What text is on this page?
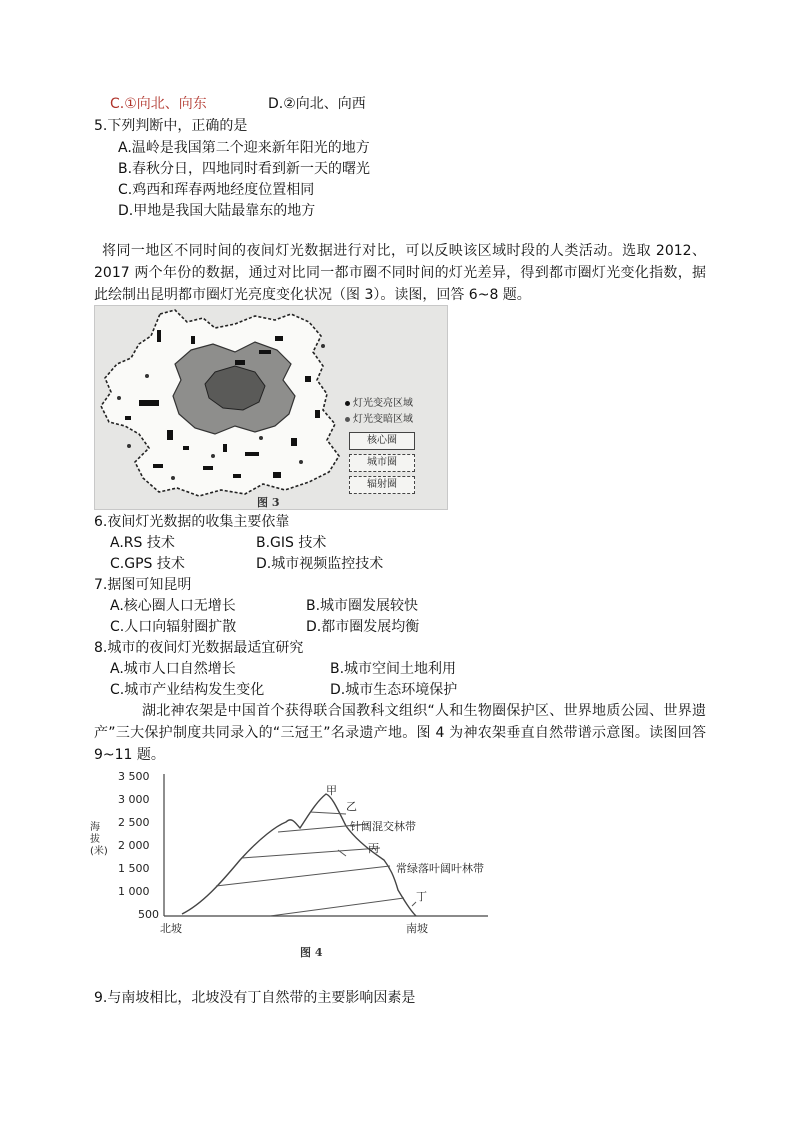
C.①向北、向东	D.②向北、向西
5.下列判断中，正确的是
A.温岭是我国第二个迎来新年阳光的地方
B.春秋分日，四地同时看到新一天的曙光
C.鸡西和珲春两地经度位置相同
D.甲地是我国大陆最靠东的地方
将同一地区不同时间的夜间灯光数据进行对比，可以反映该区域时段的人类活动。选取 2012、2017 两个年份的数据，通过对比同一都市圈不同时间的灯光差异，得到都市圈灯光变化指数，据此绘制出昆明都市圈灯光亮度变化状况（图 3）。读图，回答 6~8 题。
灯光变亮区域
灯光变暗区域
核心圈
城市圈
辐射圈
图 3
6.夜间灯光数据的收集主要依靠
A.RS 技术	B.GⅠS 技术
C.GPS 技术	D.城市视频监控技术
7.据图可知昆明
A.核心圈人口无增长	B.城市圈发展较快
C.人口向辐射圈扩散	D.都市圈发展均衡
8.城市的夜间灯光数据最适宜研究
A.城市人口自然增长	B.城市空间土地利用
C.城市产业结构发生变化	D.城市生态环境保护
湖北神农架是中国首个获得联合国教科文组织“人和生物圈保护区、世界地质公园、世界遗产”三大保护制度共同录入的“三冠王”名录遗产地。图 4 为神农架垂直自然带谱示意图。读图回答 9~11 题。
3 500
3 000
2 500
2 000
1 500
1 000
500
海拔(米)
甲
乙
针阔混交林带
丙
常绿落叶阔叶林带
丁
北坡	南坡
图 4
9.与南坡相比，北坡没有丁自然带的主要影响因素是
